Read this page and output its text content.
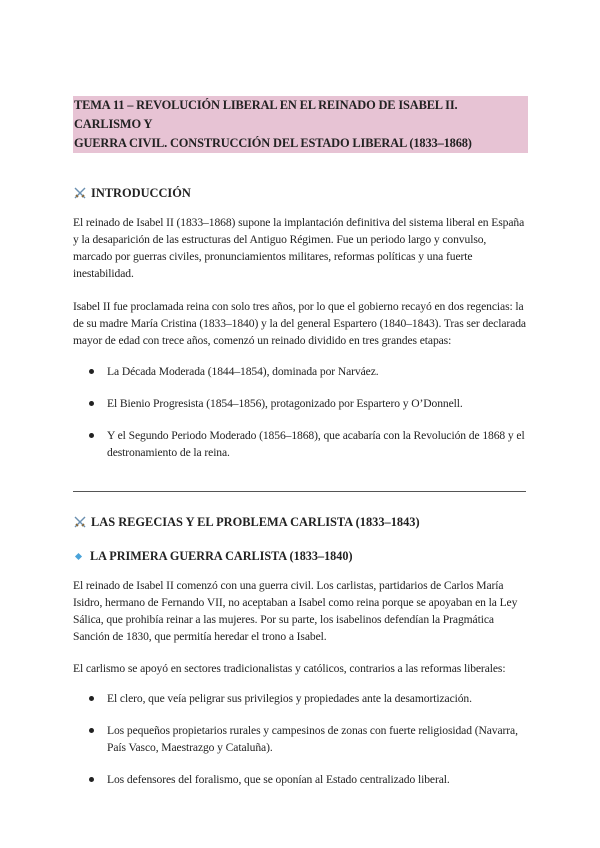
TEMA 11 – REVOLUCIÓN LIBERAL EN EL REINADO DE ISABEL II. CARLISMO Y
GUERRA CIVIL. CONSTRUCCIÓN DEL ESTADO LIBERAL (1833–1868)
INTRODUCCIÓN

El reinado de Isabel II (1833–1868) supone la implantación definitiva del sistema liberal en España y la desaparición de las estructuras del Antiguo Régimen. Fue un periodo largo y convulso, marcado por guerras civiles, pronunciamientos militares, reformas políticas y una fuerte inestabilidad.

Isabel II fue proclamada reina con solo tres años, por lo que el gobierno recayó en dos regencias: la de su madre María Cristina (1833–1840) y la del general Espartero (1840–1843). Tras ser declarada mayor de edad con trece años, comenzó un reinado dividido en tres grandes etapas:

La Década Moderada (1844–1854), dominada por Narváez.
El Bienio Progresista (1854–1856), protagonizado por Espartero y O’Donnell.
Y el Segundo Periodo Moderado (1856–1868), que acabaría con la Revolución de 1868 y el destronamiento de la reina.
LAS REGECIAS Y EL PROBLEMA CARLISTA (1833–1843)
LA PRIMERA GUERRA CARLISTA (1833–1840)

El reinado de Isabel II comenzó con una guerra civil. Los carlistas, partidarios de Carlos María Isidro, hermano de Fernando VII, no aceptaban a Isabel como reina porque se apoyaban en la Ley Sálica, que prohibía reinar a las mujeres. Por su parte, los isabelinos defendían la Pragmática Sanción de 1830, que permitía heredar el trono a Isabel.

El carlismo se apoyó en sectores tradicionalistas y católicos, contrarios a las reformas liberales:

El clero, que veía peligrar sus privilegios y propiedades ante la desamortización.
Los pequeños propietarios rurales y campesinos de zonas con fuerte religiosidad (Navarra, País Vasco, Maestrazgo y Cataluña).
Los defensores del foralismo, que se oponían al Estado centralizado liberal.
